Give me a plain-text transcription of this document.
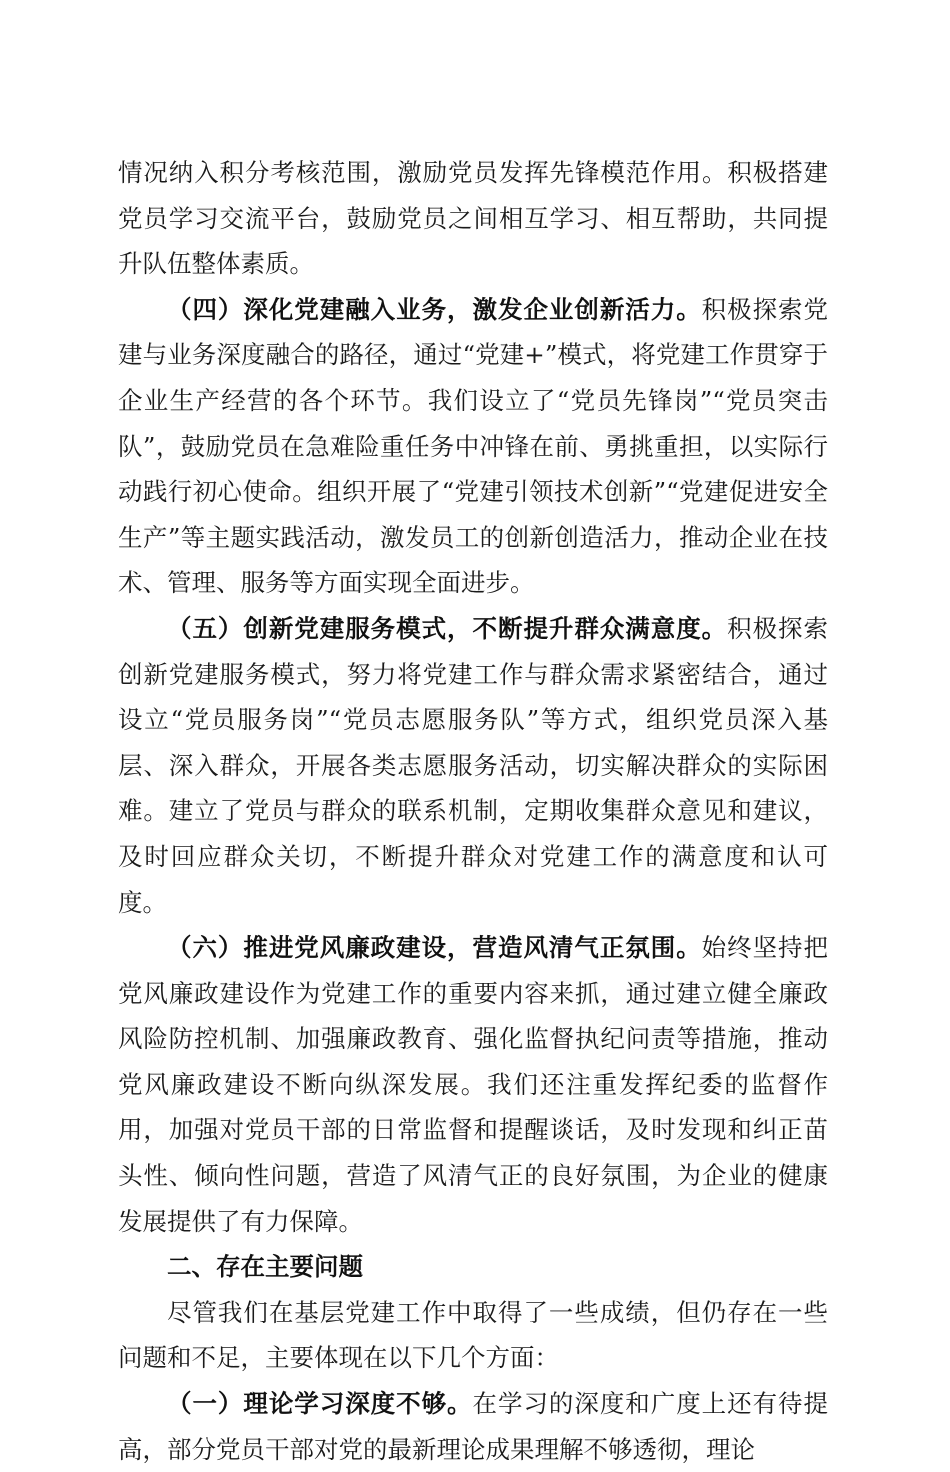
情况纳入积分考核范围，激励党员发挥先锋模范作用。积极搭建党员学习交流平台，鼓励党员之间相互学习、相互帮助，共同提升队伍整体素质。

（四）深化党建融入业务，激发企业创新活力。积极探索党建与业务深度融合的路径，通过“党建+”模式，将党建工作贯穿于企业生产经营的各个环节。我们设立了“党员先锋岗”“党员突击队”，鼓励党员在急难险重任务中冲锋在前、勇挑重担，以实际行动践行初心使命。组织开展了“党建引领技术创新”“党建促进安全生产”等主题实践活动，激发员工的创新创造活力，推动企业在技术、管理、服务等方面实现全面进步。

（五）创新党建服务模式，不断提升群众满意度。积极探索创新党建服务模式，努力将党建工作与群众需求紧密结合，通过设立“党员服务岗”“党员志愿服务队”等方式，组织党员深入基层、深入群众，开展各类志愿服务活动，切实解决群众的实际困难。建立了党员与群众的联系机制，定期收集群众意见和建议，及时回应群众关切，不断提升群众对党建工作的满意度和认可度。

（六）推进党风廉政建设，营造风清气正氛围。始终坚持把党风廉政建设作为党建工作的重要内容来抓，通过建立健全廉政风险防控机制、加强廉政教育、强化监督执纪问责等措施，推动党风廉政建设不断向纵深发展。我们还注重发挥纪委的监督作用，加强对党员干部的日常监督和提醒谈话，及时发现和纠正苗头性、倾向性问题，营造了风清气正的良好氛围，为企业的健康发展提供了有力保障。

二、存在主要问题

尽管我们在基层党建工作中取得了一些成绩，但仍存在一些问题和不足，主要体现在以下几个方面：

（一）理论学习深度不够。在学习的深度和广度上还有待提高，部分党员干部对党的最新理论成果理解不够透彻，理论
